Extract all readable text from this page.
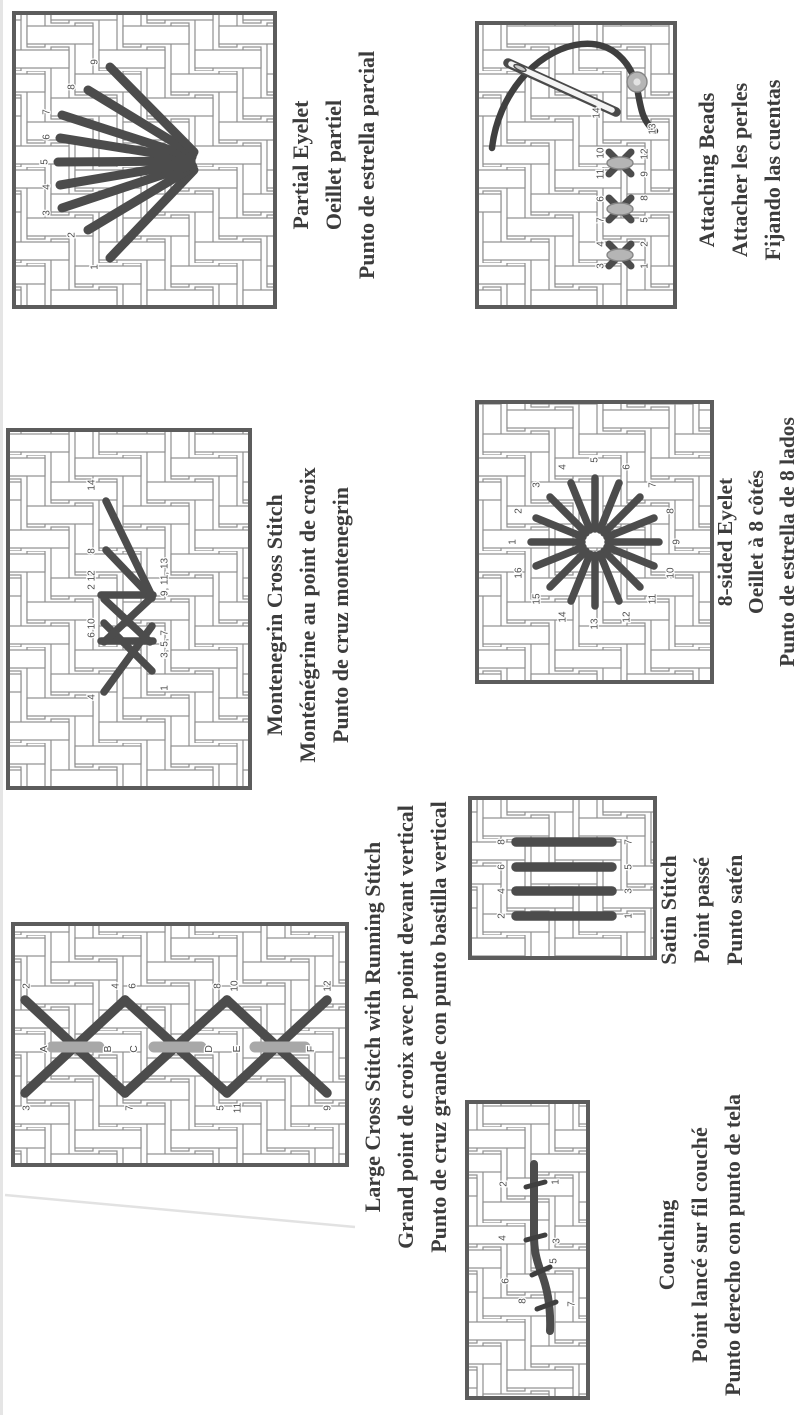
2	4 6	8 10	12
3	7	5 11	9
A	B C	D E	F
4
6 10
2 12
8
14
1
3, 5, 7
9, 11, 13
1
2
3
4
5
6
7
8
9
2	1
4
3
5
6
8
7
2
4
6
8
1
3
5
7
1
2
3
4
5
6
7
8
9
10
11
12
13
14
15
16
3
4
1
2
7
6
5
8
11
10
9
12
13
14
Large Cross Stitch with Running Stitch Grand point de croix avec point devant vertical Punto de cruz grande con punto bastilla vertical
Montenegrin Cross Stitch Monténégrine au point de croix Punto de cruz montenegrin
Partial Eyelet Oeillet partiel Punto de estrella parcial
Couching Point lancé sur fil couché Punto derecho con punto de tela
Satin Stitch Point passé Punto satén
8-sided Eyelet Oeillet à 8 côtés Punto de estrella de 8 lados
Attaching Beads Attacher les perles Fijando las cuentas
